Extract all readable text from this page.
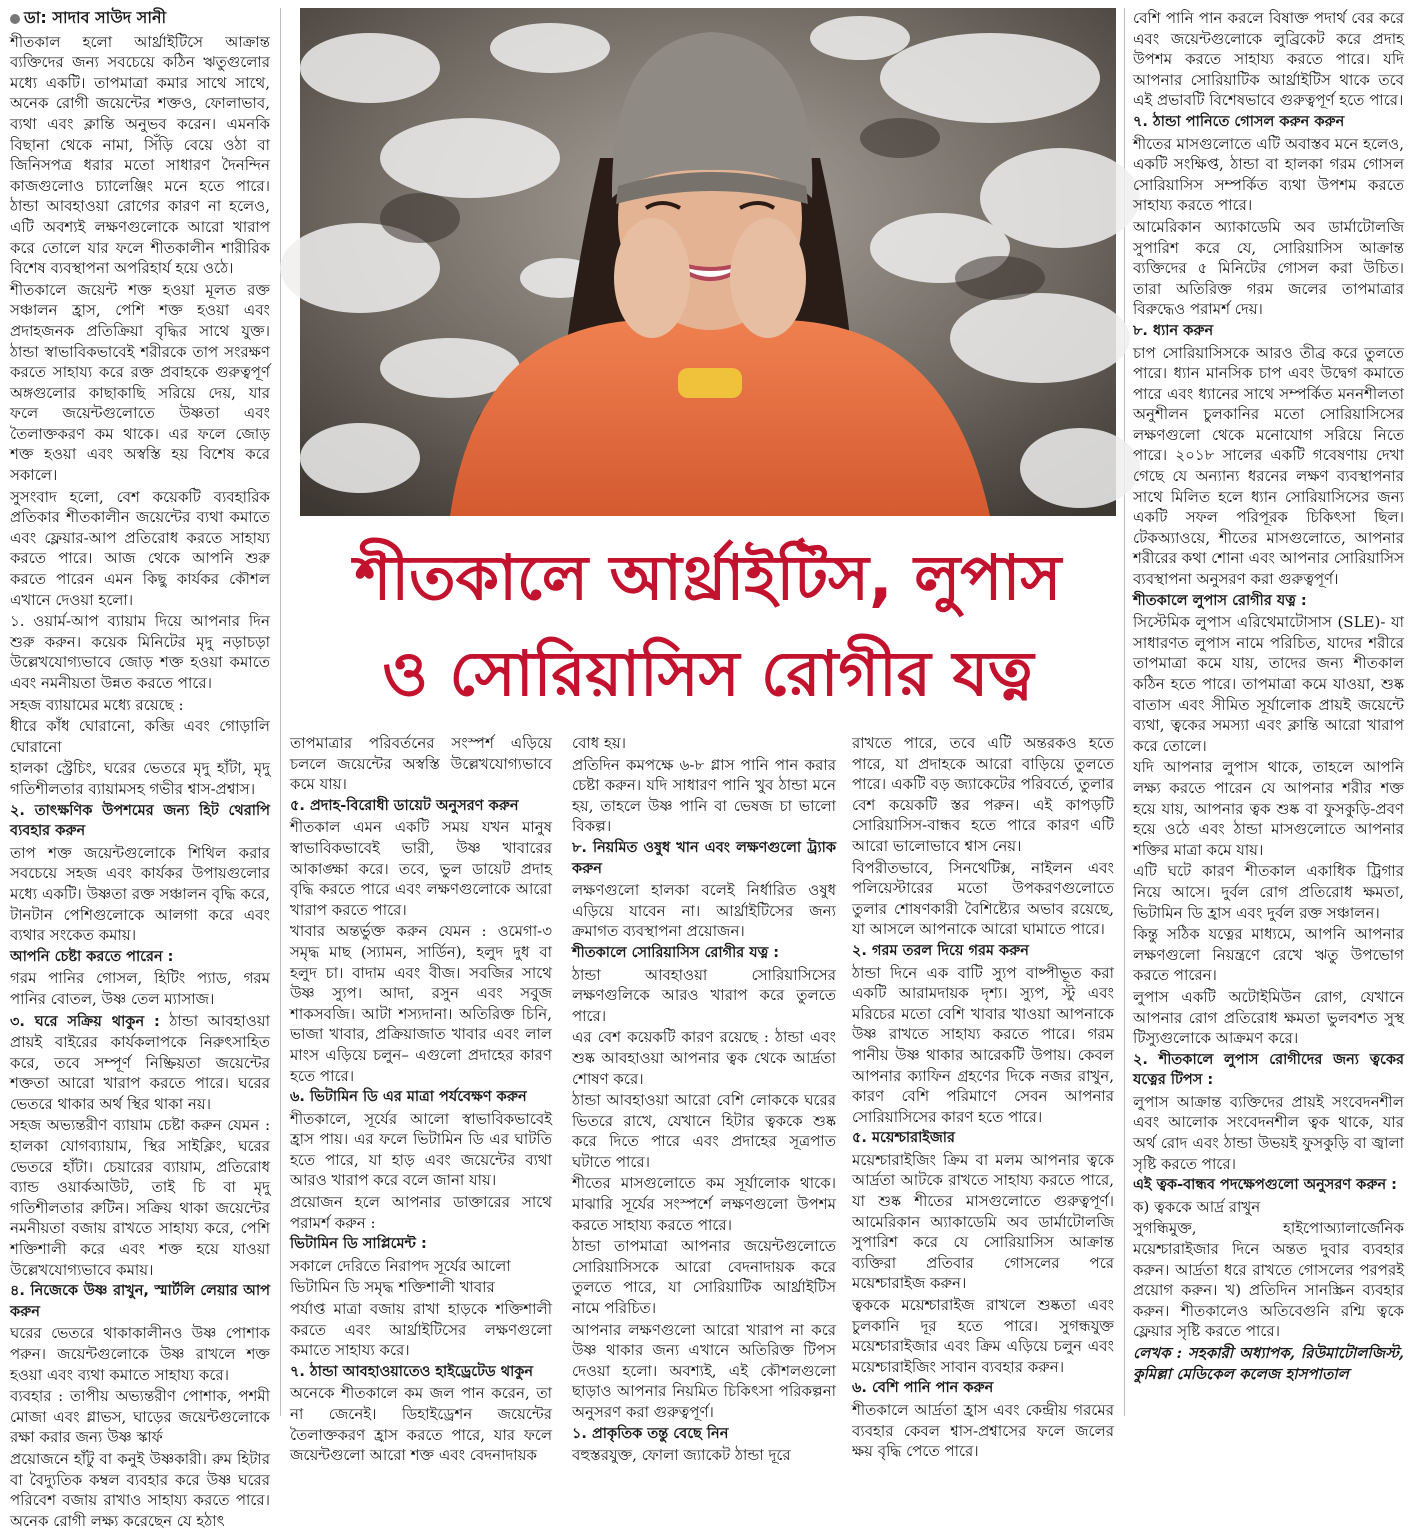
ডা: সাদাব সাউদ সানী

শীতকাল হলো আর্থ্রাইটিসে আক্রান্ত ব্যক্তিদের জন্য সবচেয়ে কঠিন ঋতুগুলোর মধ্যে একটি। তাপমাত্রা কমার সাথে সাথে, অনেক রোগী জয়েন্টের শক্তও, ফোলাভাব, ব্যথা এবং ক্লান্তি অনুভব করেন। এমনকি বিছানা থেকে নামা, সিঁড়ি বেয়ে ওঠা বা জিনিসপত্র ধরার মতো সাধারণ দৈনন্দিন কাজগুলোও চ্যালেঞ্জিং মনে হতে পারে। ঠান্ডা আবহাওয়া রোগের কারণ না হলেও, এটি অবশ্যই লক্ষণগুলোকে আরো খারাপ করে তোলে যার ফলে শীতকালীন শারীরিক বিশেষ ব্যবস্থাপনা অপরিহার্য হয়ে ওঠে।

শীতকালে জয়েন্ট শক্ত হওয়া মূলত রক্ত সঞ্চালন হ্রাস, পেশি শক্ত হওয়া এবং প্রদাহজনক প্রতিক্রিয়া বৃদ্ধির সাথে যুক্ত। ঠান্ডা স্বাভাবিকভাবেই শরীরকে তাপ সংরক্ষণ করতে সাহায্য করে রক্ত প্রবাহকে গুরুত্বপূর্ণ অঙ্গগুলোর কাছাকাছি সরিয়ে দেয়, যার ফলে জয়েন্টগুলোতে উষ্ণতা এবং তৈলাক্তকরণ কম থাকে। এর ফলে জোড় শক্ত হওয়া এবং অস্বস্তি হয় বিশেষ করে সকালে।

সুসংবাদ হলো, বেশ কয়েকটি ব্যবহারিক প্রতিকার শীতকালীন জয়েন্টের ব্যথা কমাতে এবং ফ্লেয়ার-আপ প্রতিরোধ করতে সাহায্য করতে পারে। আজ থেকে আপনি শুরু করতে পারেন এমন কিছু কার্যকর কৌশল এখানে দেওয়া হলো।

১. ওয়ার্ম-আপ ব্যায়াম দিয়ে আপনার দিন শুরু করুন। কয়েক মিনিটের মৃদু নড়াচড়া উল্লেখযোগ্যভাবে জোড় শক্ত হওয়া কমাতে এবং নমনীয়তা উন্নত করতে পারে।

সহজ ব্যায়ামের মধ্যে রয়েছে :

ধীরে কাঁধ ঘোরানো, কব্জি এবং গোড়ালি ঘোরানো

হালকা স্ট্রেচিং, ঘরের ভেতরে মৃদু হাঁটা, মৃদু গতিশীলতার ব্যায়ামসহ গভীর শ্বাস-প্রশ্বাস।

২. তাৎক্ষণিক উপশমের জন্য হিট থেরাপি ব্যবহার করুন

তাপ শক্ত জয়েন্টগুলোকে শিথিল করার সবচেয়ে সহজ এবং কার্যকর উপায়গুলোর মধ্যে একটি। উষ্ণতা রক্ত সঞ্চালন বৃদ্ধি করে, টানটান পেশিগুলোকে আলগা করে এবং ব্যথার সংকেত কমায়।

আপনি চেষ্টা করতে পারেন :

গরম পানির গোসল, হিটিং প্যাড, গরম পানির বোতল, উষ্ণ তেল ম্যাসাজ।

৩. ঘরে সক্রিয় থাকুন : ঠান্ডা আবহাওয়া প্রায়ই বাইরের কার্যকলাপকে নিরুৎসাহিত করে, তবে সম্পূর্ণ নিষ্ক্রিয়তা জয়েন্টের শক্ততা আরো খারাপ করতে পারে। ঘরের ভেতরে থাকার অর্থ স্থির থাকা নয়।

সহজ অভ্যন্তরীণ ব্যায়াম চেষ্টা করুন যেমন : হালকা যোগব্যায়াম, স্থির সাইক্লিং, ঘরের ভেতরে হাঁটা। চেয়ারের ব্যায়াম, প্রতিরোধ ব্যান্ড ওয়ার্কআউট, তাই চি বা মৃদু গতিশীলতার রুটিন। সক্রিয় থাকা জয়েন্টের নমনীয়তা বজায় রাখতে সাহায্য করে, পেশি শক্তিশালী করে এবং শক্ত হয়ে যাওয়া উল্লেখযোগ্যভাবে কমায়।

৪. নিজেকে উষ্ণ রাখুন, স্মার্টলি লেয়ার আপ করুন

ঘরের ভেতরে থাকাকালীনও উষ্ণ পোশাক পরুন। জয়েন্টগুলোকে উষ্ণ রাখলে শক্ত হওয়া এবং ব্যথা কমাতে সাহায্য করে।

ব্যবহার : তাপীয় অভ্যন্তরীণ পোশাক, পশমী মোজা এবং গ্লাভস, ঘাড়ের জয়েন্টগুলোকে রক্ষা করার জন্য উষ্ণ স্কার্ফ

প্রয়োজনে হাঁটু বা কনুই উষ্ণকারী। রুম হিটার বা বৈদ্যুতিক কম্বল ব্যবহার করে উষ্ণ ঘরের পরিবেশ বজায় রাখাও সাহায্য করতে পারে। অনেক রোগী লক্ষ্য করেছেন যে হঠাৎ

শীতকালে আর্থ্রাইটিস, লুপাস
ও সোরিয়াসিস রোগীর যত্ন

তাপমাত্রার পরিবর্তনের সংস্পর্শ এড়িয়ে চললে জয়েন্টের অস্বস্তি উল্লেখযোগ্যভাবে কমে যায়।

৫. প্রদাহ-বিরোধী ডায়েট অনুসরণ করুন

শীতকাল এমন একটি সময় যখন মানুষ স্বাভাবিকভাবেই ভারী, উষ্ণ খাবারের আকাঙ্ক্ষা করে। তবে, ভুল ডায়েট প্রদাহ বৃদ্ধি করতে পারে এবং লক্ষণগুলোকে আরো খারাপ করতে পারে।

খাবার অন্তর্ভুক্ত করুন যেমন : ওমেগা-৩ সমৃদ্ধ মাছ (স্যামন, সার্ডিন), হলুদ দুধ বা হলুদ চা। বাদাম এবং বীজ। সবজির সাথে উষ্ণ স্যুপ। আদা, রসুন এবং সবুজ শাকসবজি। আটা শস্যদানা। অতিরিক্ত চিনি, ভাজা খাবার, প্রক্রিয়াজাত খাবার এবং লাল মাংস এড়িয়ে চলুন– এগুলো প্রদাহের কারণ হতে পারে।

৬. ভিটামিন ডি এর মাত্রা পর্যবেক্ষণ করুন

শীতকালে, সূর্যের আলো স্বাভাবিকভাবেই হ্রাস পায়। এর ফলে ভিটামিন ডি এর ঘাটতি হতে পারে, যা হাড় এবং জয়েন্টের ব্যথা আরও খারাপ করে বলে জানা যায়।

প্রয়োজন হলে আপনার ডাক্তারের সাথে পরামর্শ করুন :

ভিটামিন ডি সাপ্লিমেন্ট :

সকালে দেরিতে নিরাপদ সূর্যের আলো

ভিটামিন ডি সমৃদ্ধ শক্তিশালী খাবার

পর্যাপ্ত মাত্রা বজায় রাখা হাড়কে শক্তিশালী করতে এবং আর্থ্রাইটিসের লক্ষণগুলো কমাতে সাহায্য করে।

৭. ঠান্ডা আবহাওয়াতেও হাইড্রেটেড থাকুন

অনেকে শীতকালে কম জল পান করেন, তা না জেনেই। ডিহাইড্রেশন জয়েন্টের তৈলাক্তকরণ হ্রাস করতে পারে, যার ফলে জয়েন্টগুলো আরো শক্ত এবং বেদনাদায়ক

বোধ হয়।

প্রতিদিন কমপক্ষে ৬-৮ গ্লাস পানি পান করার চেষ্টা করুন। যদি সাধারণ পানি খুব ঠান্ডা মনে হয়, তাহলে উষ্ণ পানি বা ভেষজ চা ভালো বিকল্প।

৮. নিয়মিত ওষুধ খান এবং লক্ষণগুলো ট্র্যাক করুন

লক্ষণগুলো হালকা বলেই নির্ধারিত ওষুধ এড়িয়ে যাবেন না। আর্থ্রাইটিসের জন্য ক্রমাগত ব্যবস্থাপনা প্রয়োজন।

শীতকালে সোরিয়াসিস রোগীর যত্ন :

ঠান্ডা আবহাওয়া সোরিয়াসিসের লক্ষণগুলিকে আরও খারাপ করে তুলতে পারে।

এর বেশ কয়েকটি কারণ রয়েছে : ঠান্ডা এবং শুষ্ক আবহাওয়া আপনার ত্বক থেকে আর্দ্রতা শোষণ করে।

ঠান্ডা আবহাওয়া আরো বেশি লোককে ঘরের ভিতরে রাখে, যেখানে হিটার ত্বককে শুষ্ক করে দিতে পারে এবং প্রদাহের সূত্রপাত ঘটাতে পারে।

শীতের মাসগুলোতে কম সূর্যালোক থাকে। মাঝারি সূর্যের সংস্পর্শে লক্ষণগুলো উপশম করতে সাহায্য করতে পারে।

ঠান্ডা তাপমাত্রা আপনার জয়েন্টগুলোতে সোরিয়াসিসকে আরো বেদনাদায়ক করে তুলতে পারে, যা সোরিয়াটিক আর্থ্রাইটিস নামে পরিচিত।

আপনার লক্ষণগুলো আরো খারাপ না করে উষ্ণ থাকার জন্য এখানে অতিরিক্ত টিপস দেওয়া হলো। অবশ্যই, এই কৌশলগুলো ছাড়াও আপনার নিয়মিত চিকিৎসা পরিকল্পনা অনুসরণ করা গুরুত্বপূর্ণ।

১. প্রাকৃতিক তন্তু বেছে নিন

বহুস্তরযুক্ত, ফোলা জ্যাকেট ঠান্ডা দূরে

রাখতে পারে, তবে এটি অন্তরকও হতে পারে, যা প্রদাহকে আরো বাড়িয়ে তুলতে পারে। একটি বড় জ্যাকেটের পরিবর্তে, তুলার বেশ কয়েকটি স্তর পরুন। এই কাপড়টি সোরিয়াসিস-বান্ধব হতে পারে কারণ এটি আরো ভালোভাবে শ্বাস নেয়।

বিপরীতভাবে, সিনথেটিক্স, নাইলন এবং পলিয়েস্টারের মতো উপকরণগুলোতে তুলার শোষণকারী বৈশিষ্ট্যের অভাব রয়েছে, যা আসলে আপনাকে আরো ঘামাতে পারে।

২. গরম তরল দিয়ে গরম করুন

ঠান্ডা দিনে এক বাটি স্যুপ বাষ্পীভূত করা একটি আরামদায়ক দৃশ্য। স্যুপ, স্টু এবং মরিচের মতো বেশি খাবার খাওয়া আপনাকে উষ্ণ রাখতে সাহায্য করতে পারে। গরম পানীয় উষ্ণ থাকার আরেকটি উপায়। কেবল আপনার ক্যাফিন গ্রহণের দিকে নজর রাখুন, কারণ বেশি পরিমাণে সেবন আপনার সোরিয়াসিসের কারণ হতে পারে।

৫. ময়েশ্চারাইজার

ময়েশ্চারাইজিং ক্রিম বা মলম আপনার ত্বকে আর্দ্রতা আটকে রাখতে সাহায্য করতে পারে, যা শুষ্ক শীতের মাসগুলোতে গুরুত্বপূর্ণ। আমেরিকান অ্যাকাডেমি অব ডার্মাটোলজি সুপারিশ করে যে সোরিয়াসিস আক্রান্ত ব্যক্তিরা প্রতিবার গোসলের পরে ময়েশ্চারাইজ করুন।

ত্বককে ময়েশ্চারাইজ রাখলে শুষ্কতা এবং চুলকানি দূর হতে পারে। সুগন্ধযুক্ত ময়েশ্চারাইজার এবং ক্রিম এড়িয়ে চলুন এবং ময়েশ্চারাইজিং সাবান ব্যবহার করুন।

৬. বেশি পানি পান করুন

শীতকালে আর্দ্রতা হ্রাস এবং কেন্দ্রীয় গরমের ব্যবহার কেবল শ্বাস-প্রশ্বাসের ফলে জলের ক্ষয় বৃদ্ধি পেতে পারে।

বেশি পানি পান করলে বিষাক্ত পদার্থ বের করে এবং জয়েন্টগুলোকে লুব্রিকেট করে প্রদাহ উপশম করতে সাহায্য করতে পারে। যদি আপনার সোরিয়াটিক আর্থ্রাইটিস থাকে তবে এই প্রভাবটি বিশেষভাবে গুরুত্বপূর্ণ হতে পারে।

৭. ঠান্ডা পানিতে গোসল করুন করুন

শীতের মাসগুলোতে এটি অবাস্তব মনে হলেও, একটি সংক্ষিপ্ত, ঠান্ডা বা হালকা গরম গোসল সোরিয়াসিস সম্পর্কিত ব্যথা উপশম করতে সাহায্য করতে পারে।

আমেরিকান অ্যাকাডেমি অব ডার্মাটোলজি সুপারিশ করে যে, সোরিয়াসিস আক্রান্ত ব্যক্তিদের ৫ মিনিটের গোসল করা উচিত। তারা অতিরিক্ত গরম জলের তাপমাত্রার বিরুদ্ধেও পরামর্শ দেয়।

৮. ধ্যান করুন

চাপ সোরিয়াসিসকে আরও তীব্র করে তুলতে পারে। ধ্যান মানসিক চাপ এবং উদ্বেগ কমাতে পারে এবং ধ্যানের সাথে সম্পর্কিত মননশীলতা অনুশীলন চুলকানির মতো সোরিয়াসিসের লক্ষণগুলো থেকে মনোযোগ সরিয়ে নিতে পারে। ২০১৮ সালের একটি গবেষণায় দেখা গেছে যে অন্যান্য ধরনের লক্ষণ ব্যবস্থাপনার সাথে মিলিত হলে ধ্যান সোরিয়াসিসের জন্য একটি সফল পরিপূরক চিকিৎসা ছিল। টেকঅ্যাওয়ে, শীতের মাসগুলোতে, আপনার শরীরের কথা শোনা এবং আপনার সোরিয়াসিস ব্যবস্থাপনা অনুসরণ করা গুরুত্বপূর্ণ।

শীতকালে লুপাস রোগীর যত্ন :

সিস্টেমিক লুপাস এরিথেমাটোসাস (SLE)- যা সাধারণত লুপাস নামে পরিচিত, যাদের শরীরে তাপমাত্রা কমে যায়, তাদের জন্য শীতকাল কঠিন হতে পারে। তাপমাত্রা কমে যাওয়া, শুষ্ক বাতাস এবং সীমিত সূর্যালোক প্রায়ই জয়েন্টে ব্যথা, ত্বকের সমস্যা এবং ক্লান্তি আরো খারাপ করে তোলে।

যদি আপনার লুপাস থাকে, তাহলে আপনি লক্ষ্য করতে পারেন যে আপনার শরীর শক্ত হয়ে যায়, আপনার ত্বক শুষ্ক বা ফুসকুড়ি-প্রবণ হয়ে ওঠে এবং ঠান্ডা মাসগুলোতে আপনার শক্তির মাত্রা কমে যায়।

এটি ঘটে কারণ শীতকাল একাধিক ট্রিগার নিয়ে আসে। দুর্বল রোগ প্রতিরোধ ক্ষমতা, ভিটামিন ডি হ্রাস এবং দুর্বল রক্ত সঞ্চালন।

কিন্তু সঠিক যত্নের মাধ্যমে, আপনি আপনার লক্ষণগুলো নিয়ন্ত্রণে রেখে ঋতু উপভোগ করতে পারেন।

লুপাস একটি অটোইমিউন রোগ, যেখানে আপনার রোগ প্রতিরোধ ক্ষমতা ভুলবশত সুস্থ টিস্যুগুলোকে আক্রমণ করে।

২. শীতকালে লুপাস রোগীদের জন্য ত্বকের যত্নের টিপস :

লুপাস আক্রান্ত ব্যক্তিদের প্রায়ই সংবেদনশীল এবং আলোক সংবেদনশীল ত্বক থাকে, যার অর্থ রোদ এবং ঠান্ডা উভয়ই ফুসকুড়ি বা জ্বালা সৃষ্টি করতে পারে।

এই ত্বক-বান্ধব পদক্ষেপগুলো অনুসরণ করুন :

ক) ত্বককে আর্দ্র রাখুন

সুগন্ধিমুক্ত, হাইপোঅ্যালার্জেনিক ময়েশ্চারাইজার দিনে অন্তত দুবার ব্যবহার করুন। আর্দ্রতা ধরে রাখতে গোসলের পরপরই প্রয়োগ করুন। খ) প্রতিদিন সানস্ক্রিন ব্যবহার করুন। শীতকালেও অতিবেগুনি রশ্মি ত্বকে ফ্লেয়ার সৃষ্টি করতে পারে।

লেখক : সহকারী অধ্যাপক, রিউমাটোলজিস্ট, কুমিল্লা মেডিকেল কলেজ হাসপাতাল
